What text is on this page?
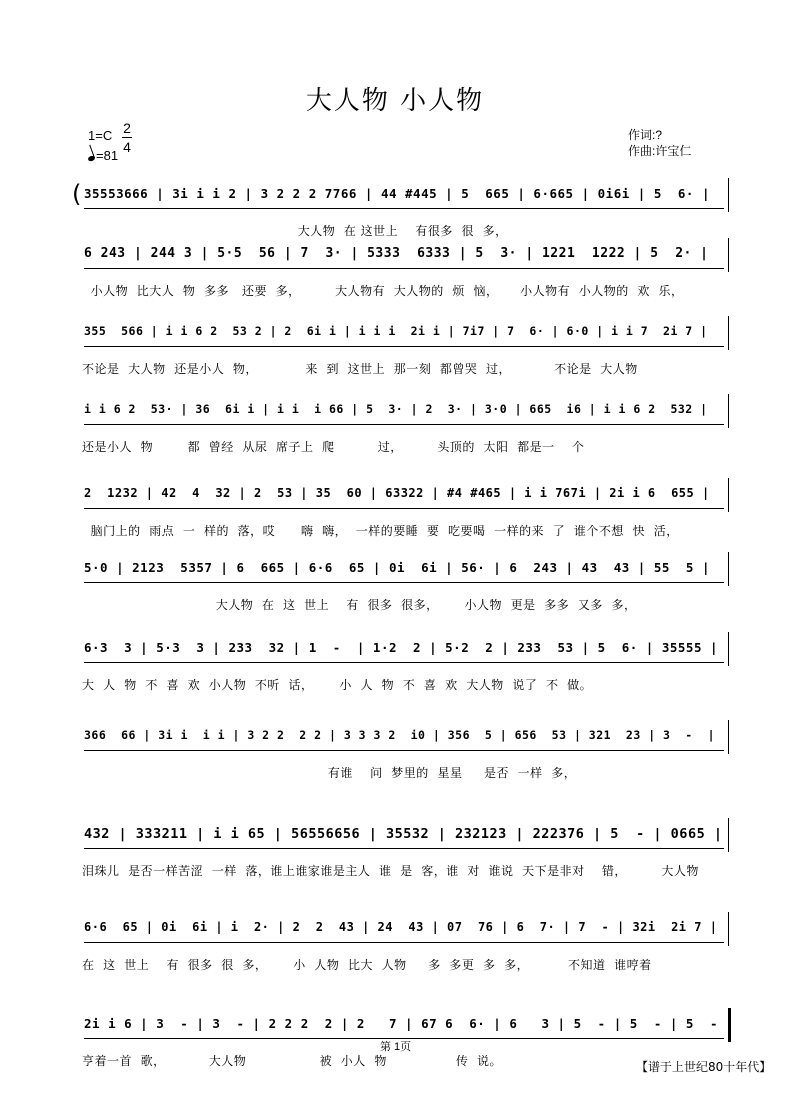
大人物 小人物
1=C 2
4
=81
作词:?
作曲:许宝仁
( 35553666 | 3i i i 2 | 3 2 2 2 7766 | 44 #445 | 5  665 | 6·665 | 0i6i | 5  6· |
大人物  在 这世上    有很多  很  多，
6 243 | 244 3 | 5·5  56 | 7  3· | 5333  6333 | 5  3· | 1221  1222 | 5  2· |
小人物  比大人  物  多多   还要  多，        大人物有  大人物的  烦  恼，     小人物有  小人物的  欢  乐，
355  566 | i i 6 2  53 2 | 2  6i i | i i i  2i i | 7i7 | 7  6· | 6·0 | i i 7  2i 7 |
不论是  大人物  还是小人  物，           来  到  这世上  那一刻  都曾哭  过，          不论是  大人物
i i 6 2  53· | 36  6i i | i i  i 66 | 5  3· | 2  3· | 3·0 | 665  i6 | i i 6 2  532 |
还是小人  物        都  曾经  从尿  席子上  爬          过，        头顶的  太阳  都是一    个
2  1232 | 42  4  32 | 2  53 | 35  60 | 63322 | #4 #465 | i i 767i | 2i i 6  655 |
脑门上的  雨点  一  样的  落，哎      嗨  嗨，  一样的要睡  要  吃要喝  一样的来  了  谁个不想  快  活，
5·0 | 2123  5357 | 6  665 | 6·6  65 | 0i  6i | 56· | 6  243 | 43  43 | 55  5 |
大人物  在  这  世上    有  很多  很多，      小人物  更是  多多  又多  多，
6·3  3 | 5·3  3 | 233  32 | 1  -  | 1·2  2 | 5·2  2 | 233  53 | 5  6· | 35555 |
大  人  物  不  喜  欢  小人物  不听  话，      小  人  物  不  喜  欢  大人物  说了  不  做。
366  66 | 3i i  i i | 3 2 2  2 2 | 3 3 3 2  i0 | 356  5 | 656  53 | 321  23 | 3  -  |
有谁    问  梦里的  星星     是否  一样  多，
432 | 333211 | i i 65 | 56556656 | 35532 | 232123 | 222376 | 5  - | 0665 |
泪珠儿  是否一样苦涩  一样  落，谁上谁家谁是主人  谁  是  客，谁  对  谁说  天下是非对    错，        大人物
6·6  65 | 0i  6i | i  2· | 2  2  43 | 24  43 | 07  76 | 6  7· | 7  - | 32i  2i 7 |
在  这  世上    有  很多  很  多，      小  人物  比大  人物     多  多更  多  多，         不知道  谁哼着
2i i 6 | 3  - | 3  - | 2 2 2  2 | 2   7 | 67 6  6· | 6   3 | 5  - | 5  - | 5  -
亨着一首  歌，          大人物                 被  小人  物                传  说。
第 1页
【谱于上世纪80十年代】
